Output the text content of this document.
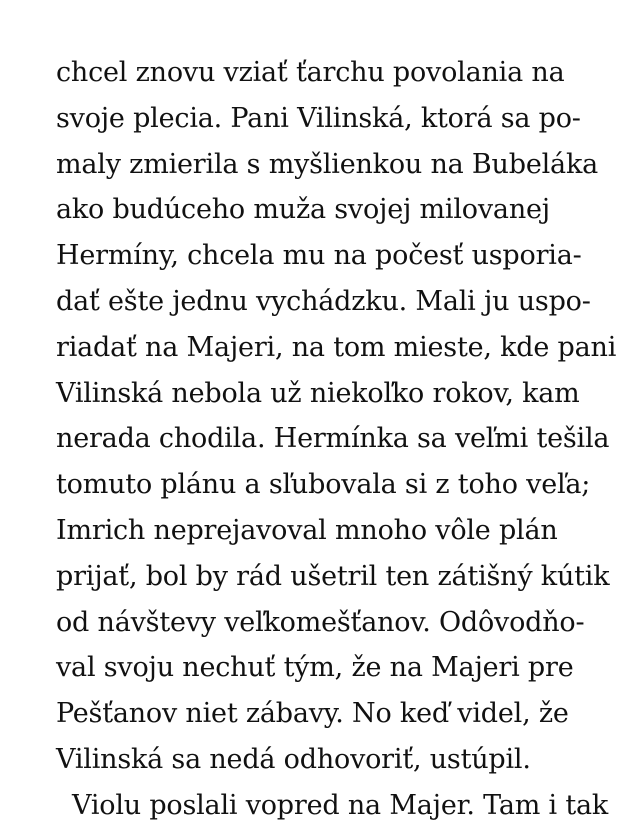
chcel znovu vziať ťarchu povolania na
svoje plecia. Pani Vilinská, ktorá sa po-
maly zmierila s myšlienkou na Bubeláka
ako budúceho muža svojej milovanej
Hermíny, chcela mu na počesť usporia-
dať ešte jednu vychádzku. Mali ju uspo-
riadať na Majeri, na tom mieste, kde pani
Vilinská nebola už niekoľko rokov, kam
nerada chodila. Hermínka sa veľmi tešila
tomuto plánu a sľubovala si z toho veľa;
Imrich neprejavoval mnoho vôle plán
prijať, bol by rád ušetril ten zátišný kútik
od návštevy veľkomešťanov. Odôvodňo-
val svoju nechuť tým, že na Majeri pre
Pešťanov niet zábavy. No keď videl, že
Vilinská sa nedá odhovoriť, ustúpil.
Violu poslali vopred na Majer. Tam i tak
